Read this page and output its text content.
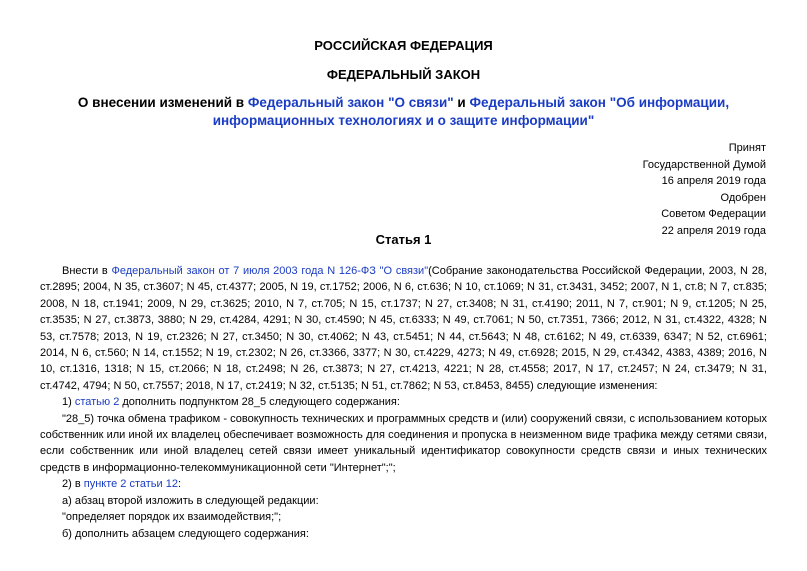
РОССИЙСКАЯ ФЕДЕРАЦИЯ
ФЕДЕРАЛЬНЫЙ ЗАКОН
О внесении изменений в Федеральный закон "О связи" и Федеральный закон "Об информации,
информационных технологиях и о защите информации"
Принят
Государственной Думой
16 апреля 2019 года
Одобрен
Советом Федерации
22 апреля 2019 года
Статья 1

Внести в Федеральный закон от 7 июля 2003 года N 126-ФЗ "О связи"(Собрание законодательства Российской Федерации, 2003, N 28, ст.2895; 2004, N 35, ст.3607; N 45, ст.4377; 2005, N 19, ст.1752; 2006, N 6, ст.636; N 10, ст.1069; N 31, ст.3431, 3452; 2007, N 1, ст.8; N 7, ст.835; 2008, N 18, ст.1941; 2009, N 29, ст.3625; 2010, N 7, ст.705; N 15, ст.1737; N 27, ст.3408; N 31, ст.4190; 2011, N 7, ст.901; N 9, ст.1205; N 25, ст.3535; N 27, ст.3873, 3880; N 29, ст.4284, 4291; N 30, ст.4590; N 45, ст.6333; N 49, ст.7061; N 50, ст.7351, 7366; 2012, N 31, ст.4322, 4328; N 53, ст.7578; 2013, N 19, ст.2326; N 27, ст.3450; N 30, ст.4062; N 43, ст.5451; N 44, ст.5643; N 48, ст.6162; N 49, ст.6339, 6347; N 52, ст.6961; 2014, N 6, ст.560; N 14, ст.1552; N 19, ст.2302; N 26, ст.3366, 3377; N 30, ст.4229, 4273; N 49, ст.6928; 2015, N 29, ст.4342, 4383, 4389; 2016, N 10, ст.1316, 1318; N 15, ст.2066; N 18, ст.2498; N 26, ст.3873; N 27, ст.4213, 4221; N 28, ст.4558; 2017, N 17, ст.2457; N 24, ст.3479; N 31, ст.4742, 4794; N 50, ст.7557; 2018, N 17, ст.2419; N 32, ст.5135; N 51, ст.7862; N 53, ст.8453, 8455) следующие изменения:

1) статью 2 дополнить подпунктом 28_5 следующего содержания:

"28_5) точка обмена трафиком - совокупность технических и программных средств и (или) сооружений связи, с использованием которых собственник или иной их владелец обеспечивает возможность для соединения и пропуска в неизменном виде трафика между сетями связи, если собственник или иной владелец сетей связи имеет уникальный идентификатор совокупности средств связи и иных технических средств в информационно-телекоммуникационной сети "Интернет";";

2) в пункте 2 статьи 12:

а) абзац второй изложить в следующей редакции:

"определяет порядок их взаимодействия;";

б) дополнить абзацем следующего содержания:
